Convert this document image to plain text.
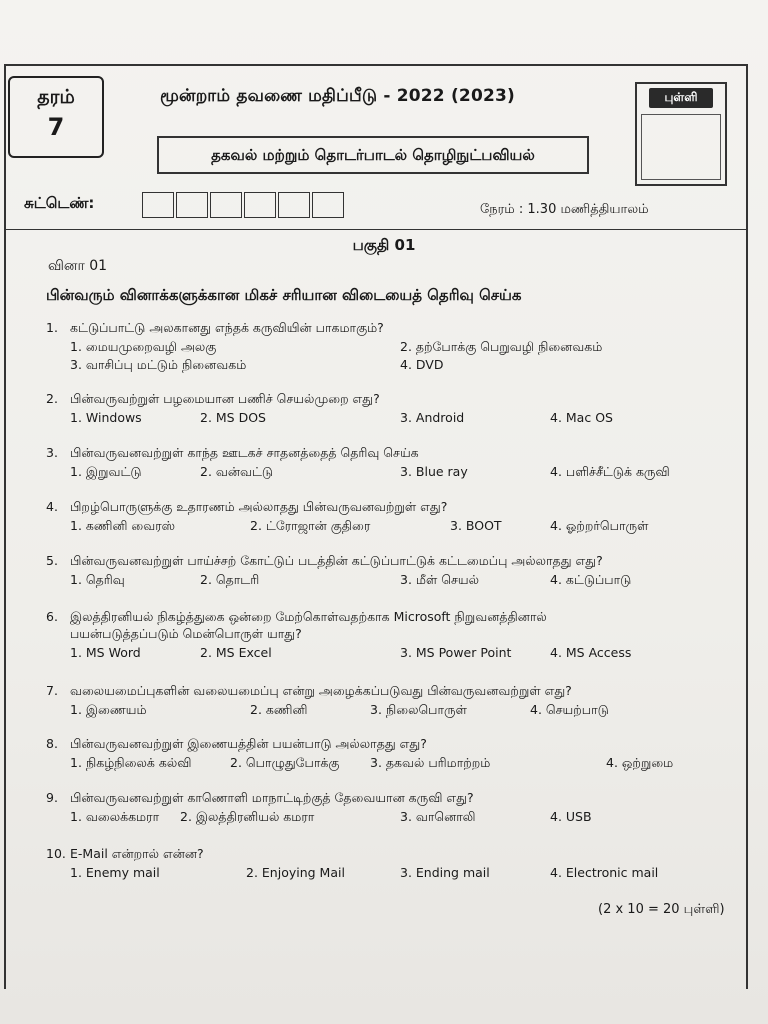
தரம்
7
மூன்றாம் தவணை மதிப்பீடு - 2022 (2023)
தகவல் மற்றும் தொடர்பாடல் தொழிநுட்பவியல்
புள்ளி
சுட்டெண்:	நேரம் : 1.30 மணித்தியாலம்
பகுதி 01
வினா 01
பின்வரும் வினாக்களுக்கான மிகச் சரியான விடையைத் தெரிவு செய்க
1. கட்டுப்பாட்டு அலகானது எந்தக் கருவியின் பாகமாகும்?
1. மையமுறைவழி அலகு	2. தற்போக்கு பெறுவழி நினைவகம்
3. வாசிப்பு மட்டும் நினைவகம்	4. DVD
2. பின்வருவற்றுள் பழமையான பணிச் செயல்முறை எது?
1. Windows	2. MS DOS	3. Android	4. Mac OS
3. பின்வருவனவற்றுள் காந்த ஊடகச் சாதனத்தைத் தெரிவு செய்க
1. இறுவட்டு	2. வன்வட்டு	3. Blue ray	4. பளிச்சீட்டுக் கருவி
4. பிறழ்பொருளுக்கு உதாரணம் அல்லாதது பின்வருவனவற்றுள் எது?
1. கணினி வைரஸ்	2. ட்ரோஜான் குதிரை	3. BOOT	4. ஓற்றர்பொருள்
5. பின்வருவனவற்றுள் பாய்ச்சற் கோட்டுப் படத்தின் கட்டுப்பாட்டுக் கட்டமைப்பு அல்லாதது எது?
1. தெரிவு	2. தொடரி	3. மீள் செயல்	4. கட்டுப்பாடு
6. இலத்திரனியல் நிகழ்த்துகை ஒன்றை மேற்கொள்வதற்காக Microsoft நிறுவனத்தினால்
பயன்படுத்தப்படும் மென்பொருள் யாது?
1. MS Word	2. MS Excel	3. MS Power Point	4. MS Access
7. வலையமைப்புகளின் வலையமைப்பு என்று அழைக்கப்படுவது பின்வருவனவற்றுள் எது?
1. இணையம்	2. கணினி	3. நிலைபொருள்	4. செயற்பாடு
8. பின்வருவனவற்றுள் இணையத்தின் பயன்பாடு அல்லாதது எது?
1. நிகழ்நிலைக் கல்வி	2. பொழுதுபோக்கு 3. தகவல் பரிமாற்றம்	4. ஒற்றுமை
9. பின்வருவனவற்றுள் காணொளி மாநாட்டிற்குத் தேவையான கருவி எது?
1. வலைக்கமரா 2. இலத்திரனியல் கமரா	3. வானொலி	4. USB
10. E-Mail என்றால் என்ன?
1. Enemy mail	2. Enjoying Mail	3. Ending mail	4. Electronic mail
(2 x 10 = 20 புள்ளி)
